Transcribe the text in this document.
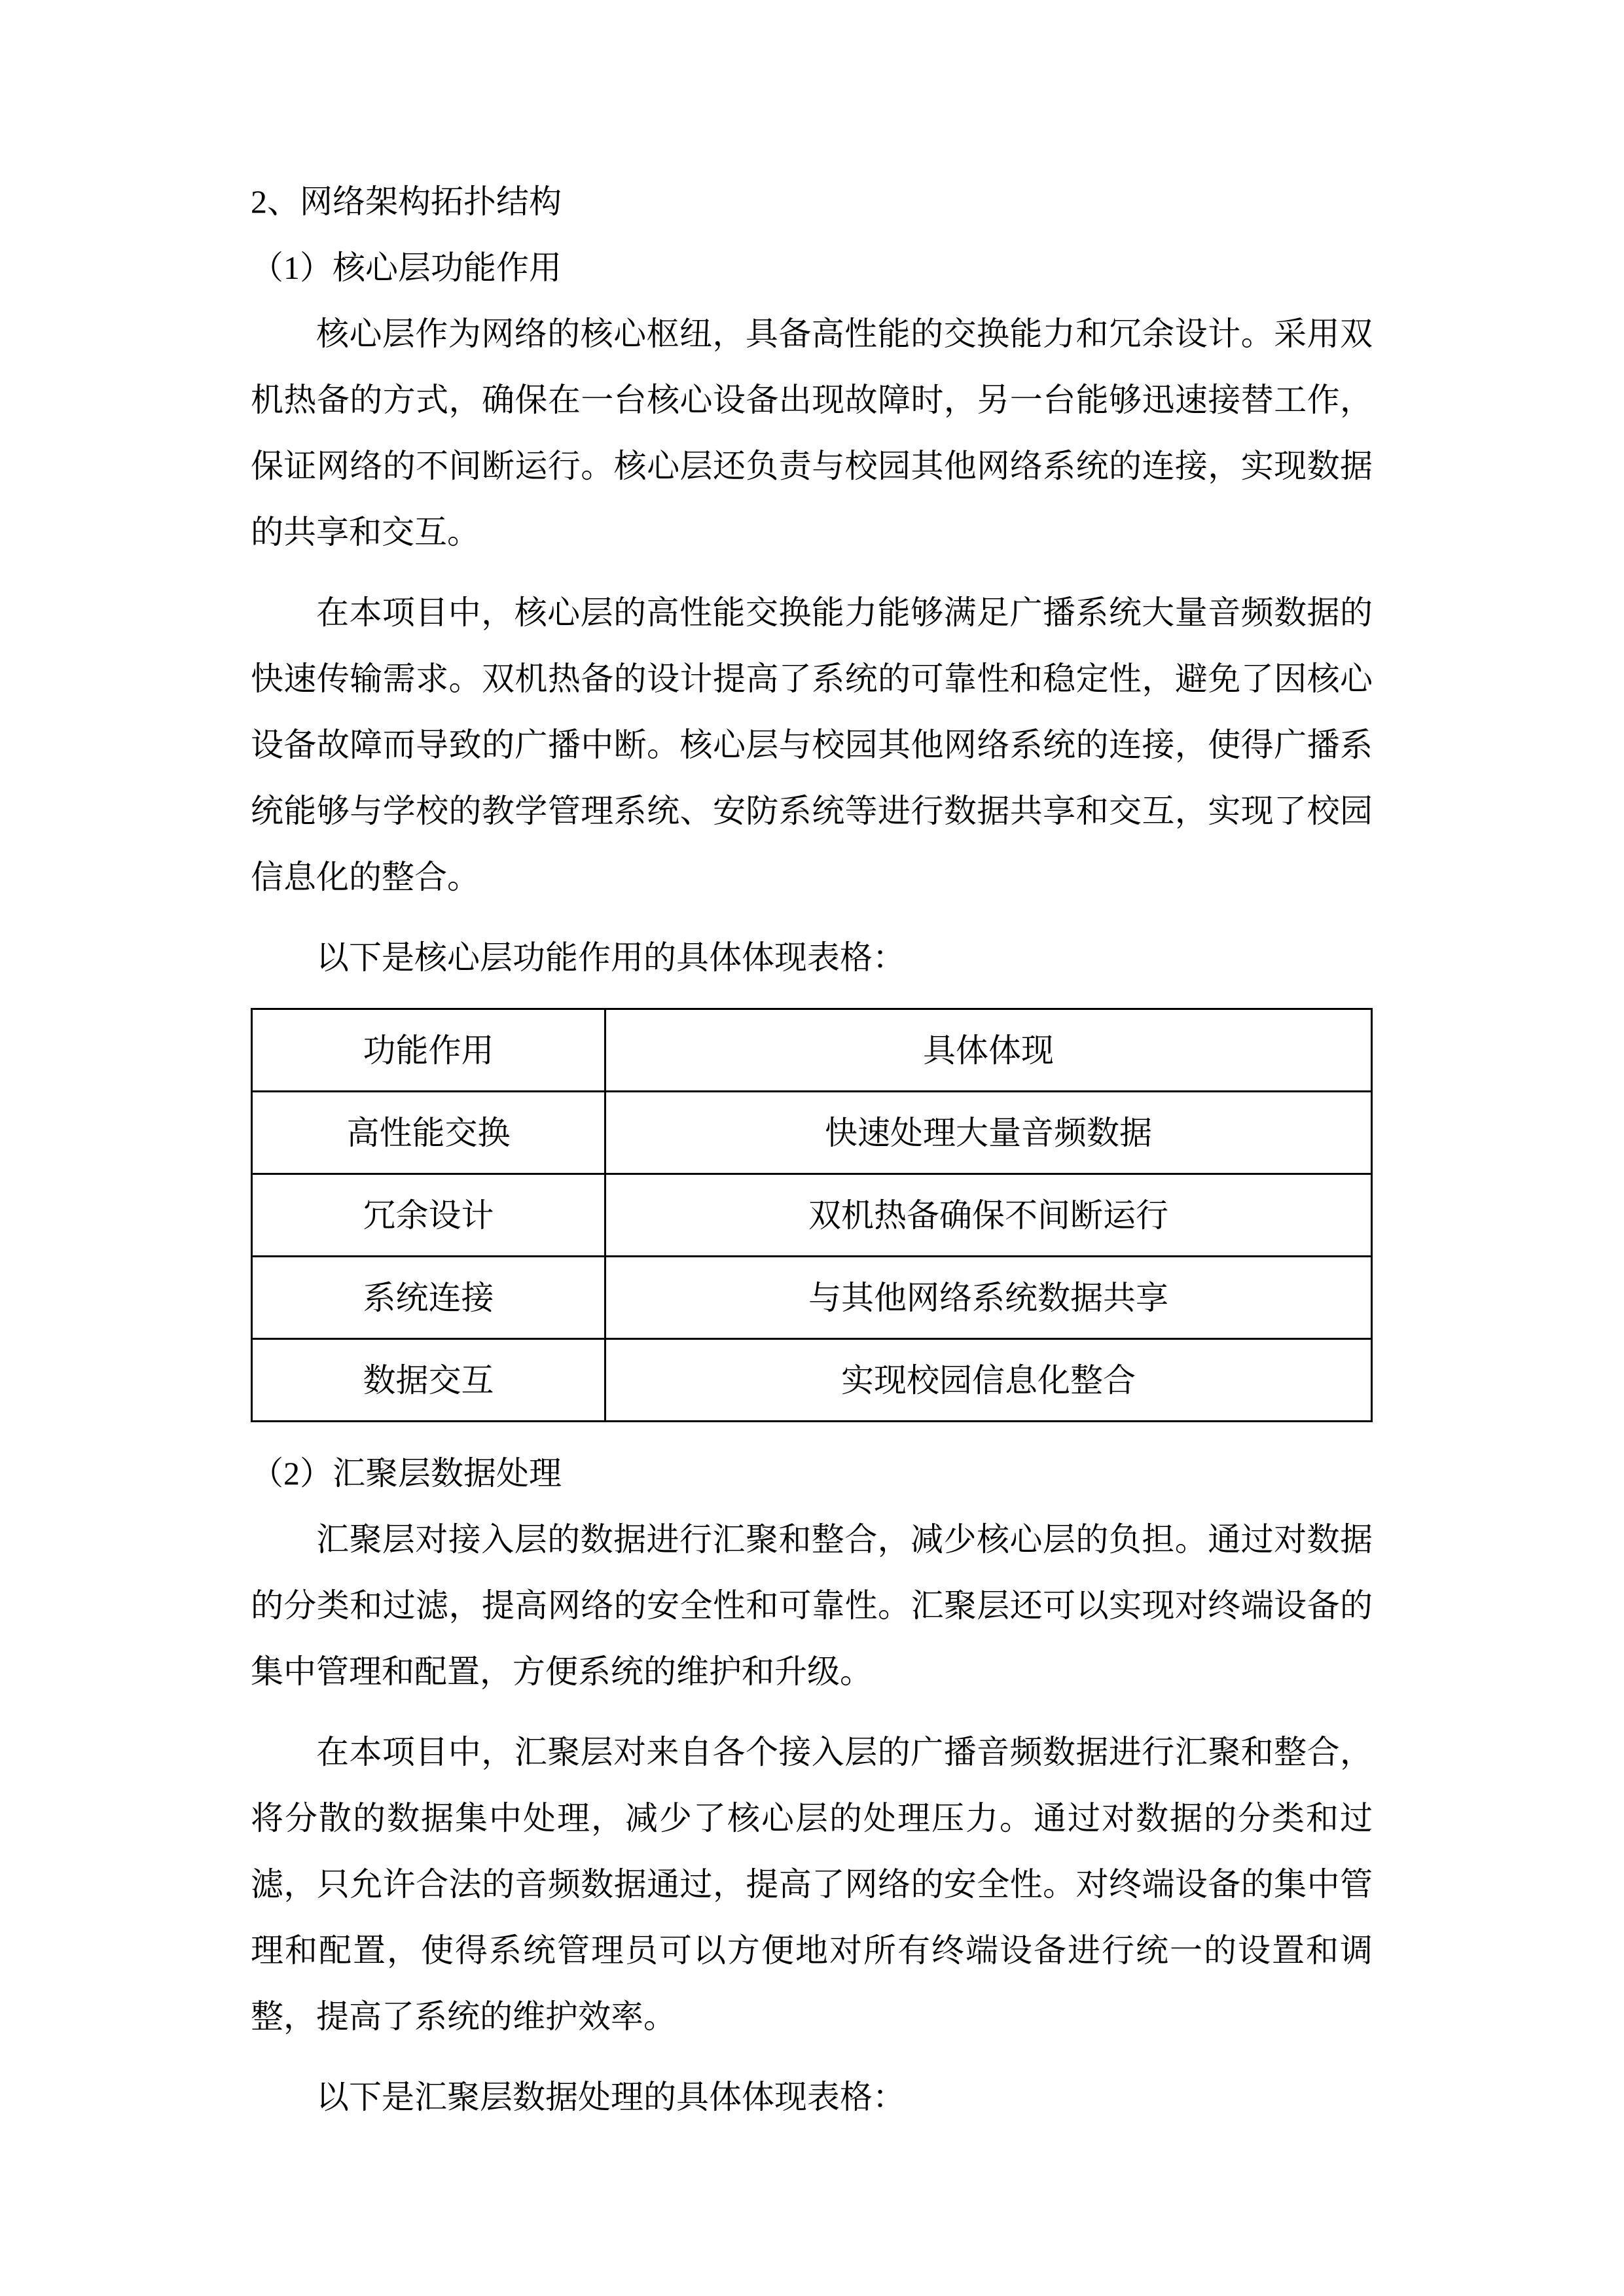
2、网络架构拓扑结构
（1）核心层功能作用

核心层作为网络的核心枢纽，具备高性能的交换能力和冗余设计。采用双机热备的方式，确保在一台核心设备出现故障时，另一台能够迅速接替工作，保证网络的不间断运行。核心层还负责与校园其他网络系统的连接，实现数据的共享和交互。

在本项目中，核心层的高性能交换能力能够满足广播系统大量音频数据的快速传输需求。双机热备的设计提高了系统的可靠性和稳定性，避免了因核心设备故障而导致的广播中断。核心层与校园其他网络系统的连接，使得广播系统能够与学校的教学管理系统、安防系统等进行数据共享和交互，实现了校园信息化的整合。

以下是核心层功能作用的具体体现表格：

功能作用	具体体现
高性能交换	快速处理大量音频数据
冗余设计	双机热备确保不间断运行
系统连接	与其他网络系统数据共享
数据交互	实现校园信息化整合
（2）汇聚层数据处理

汇聚层对接入层的数据进行汇聚和整合，减少核心层的负担。通过对数据的分类和过滤，提高网络的安全性和可靠性。汇聚层还可以实现对终端设备的集中管理和配置，方便系统的维护和升级。

在本项目中，汇聚层对来自各个接入层的广播音频数据进行汇聚和整合，将分散的数据集中处理，减少了核心层的处理压力。通过对数据的分类和过滤，只允许合法的音频数据通过，提高了网络的安全性。对终端设备的集中管理和配置，使得系统管理员可以方便地对所有终端设备进行统一的设置和调整，提高了系统的维护效率。

以下是汇聚层数据处理的具体体现表格：
